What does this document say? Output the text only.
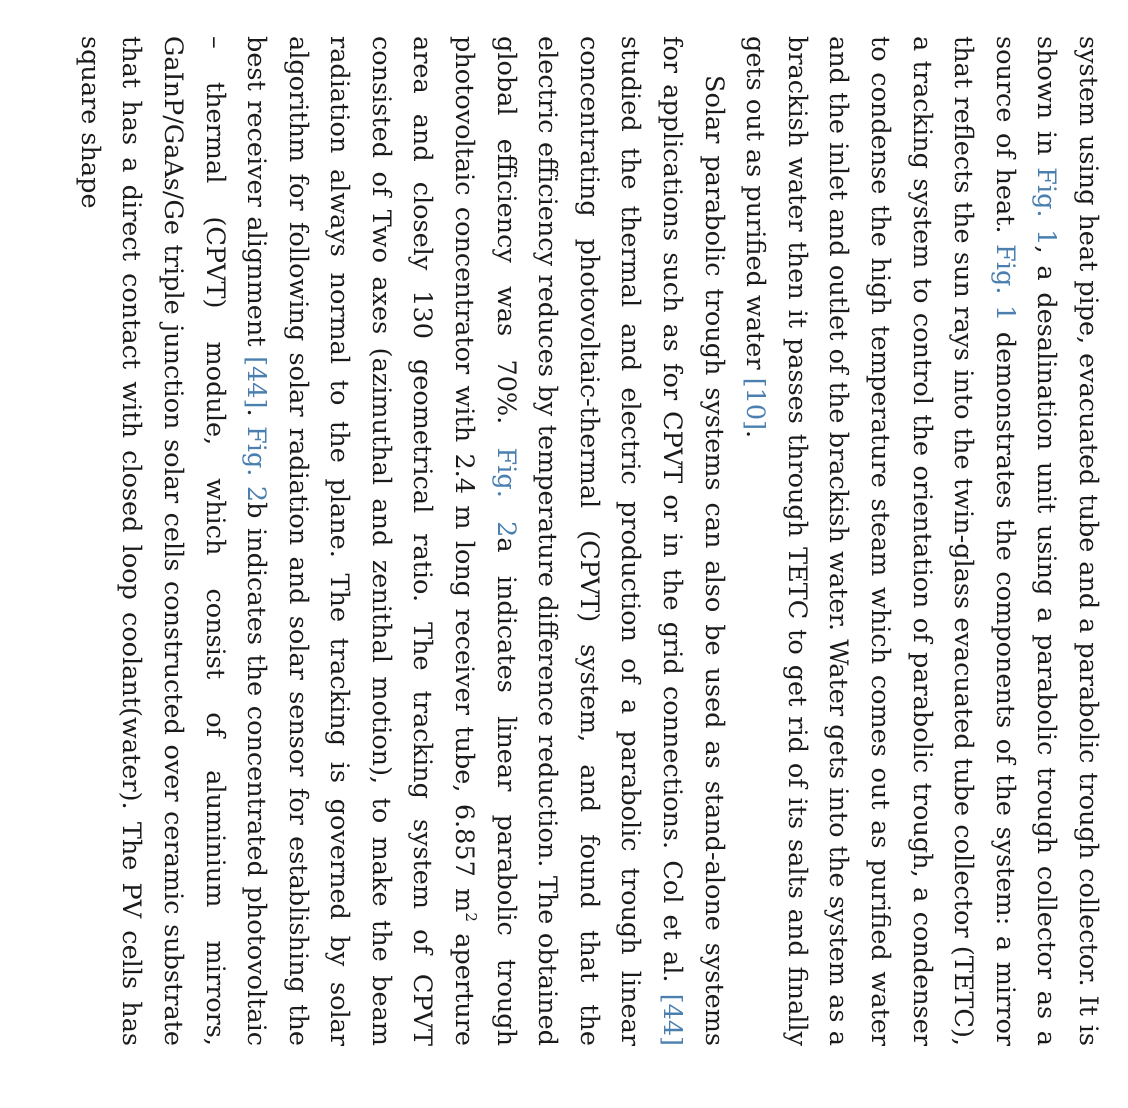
system using heat pipe, evacuated tube and a parabolic trough collector. It is shown in Fig. 1, a desalination unit using a parabolic trough collector as a source of heat. Fig. 1 demonstrates the components of the system: a mirror that reflects the sun rays into the twin-glass evacuated tube collector (TETC), a tracking system to control the orientation of parabolic trough, a condenser to condense the high temperature steam which comes out as purified water and the inlet and outlet of the brackish water. Water gets into the system as a brackish water then it passes through TETC to get rid of its salts and finally gets out as purified water [10].

Solar parabolic trough systems can also be used as stand-alone systems for applications such as for CPVT or in the grid connections. Col et al. [44] studied the thermal and electric production of a parabolic trough linear concentrating photovoltaic-thermal (CPVT) system, and found that the electric efficiency reduces by temperature difference reduction. The obtained global efficiency was 70%. Fig. 2a indicates linear parabolic trough photovoltaic concentrator with 2.4 m long receiver tube, 6.857 $m^2$ aperture area and closely 130 geometrical ratio. The tracking system of CPVT consisted of Two axes (azimuthal and zenithal motion), to make the beam radiation always normal to the plane. The tracking is governed by solar algorithm for following solar radiation and solar sensor for establishing the best receiver alignment [44]. Fig. 2b indicates the concentrated photovoltaic – thermal (CPVT) module, which consist of aluminium mirrors, GaInP/GaAs/Ge triple junction solar cells constructed over ceramic substrate that has a direct contact with closed loop coolant(water). The PV cells has square shape
